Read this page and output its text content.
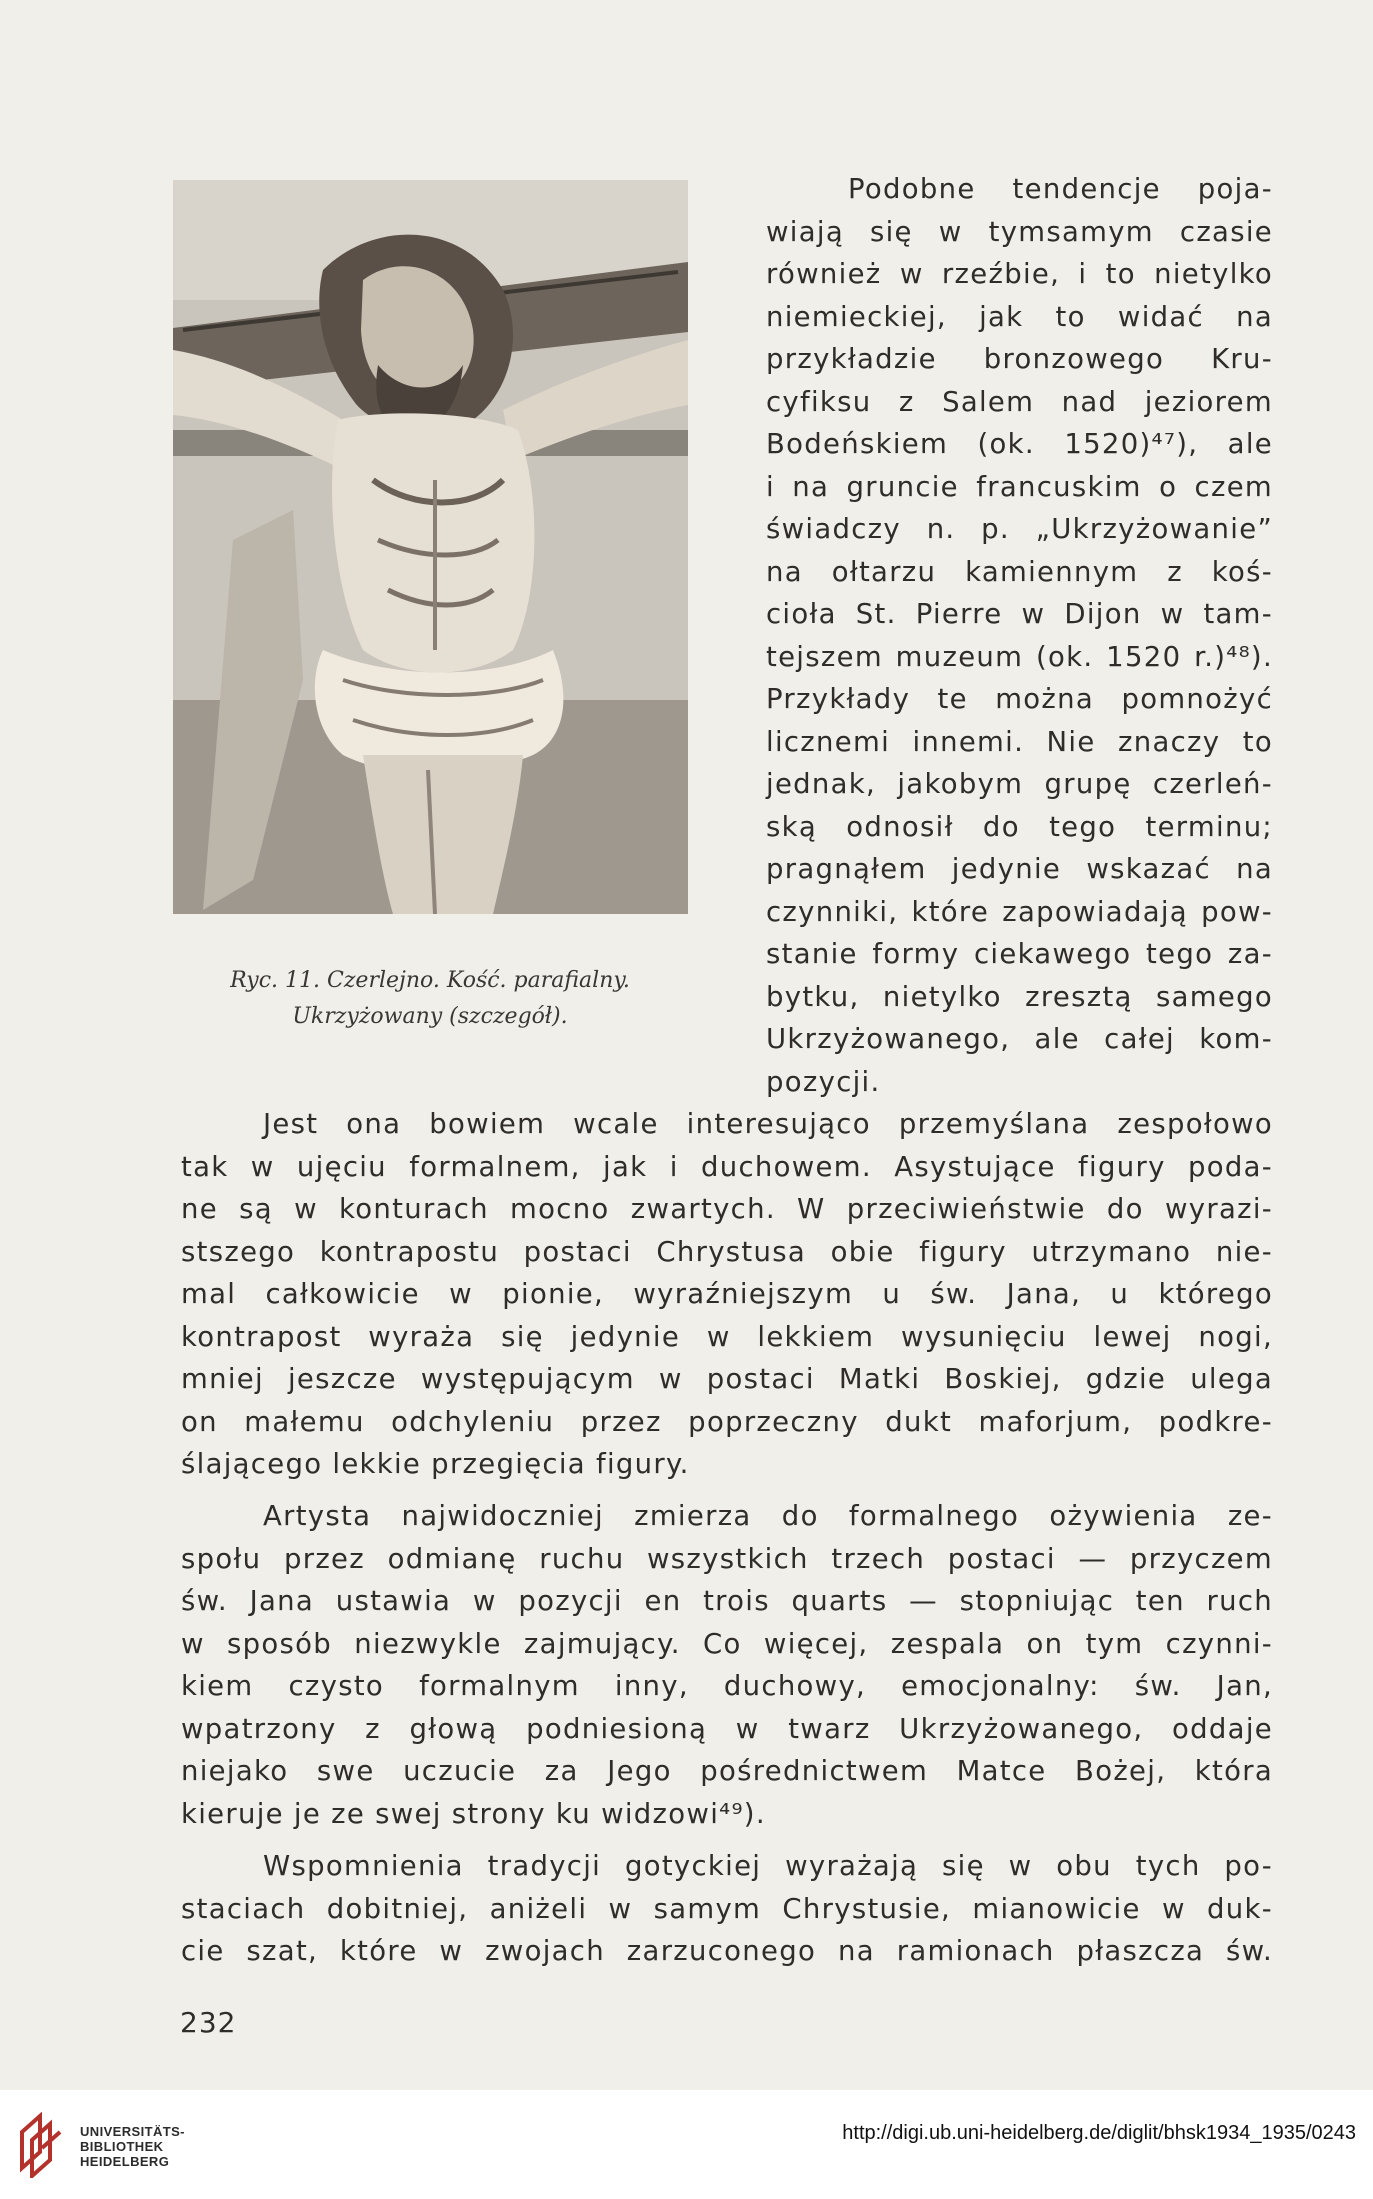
Ryc. 11. Czerlejno. Kość. parafialny.
Ukrzyżowany (szczegół).
Podobne tendencje poja-
wiają się w tymsamym czasie
również w rzeźbie, i to nietylko
niemieckiej, jak to widać na
przykładzie bronzowego Kru-
cyfiksu z Salem nad jeziorem
Bodeńskiem (ok. 1520)⁴⁷), ale
i na gruncie francuskim o czem
świadczy n. p. „Ukrzyżowanie”
na ołtarzu kamiennym z koś-
cioła St. Pierre w Dijon w tam-
tejszem muzeum (ok. 1520 r.)⁴⁸).
Przykłady te można pomnożyć
licznemi innemi. Nie znaczy to
jednak, jakobym grupę czerleń-
ską odnosił do tego terminu;
pragnąłem jedynie wskazać na
czynniki, które zapowiadają pow-
stanie formy ciekawego tego za-
bytku, nietylko zresztą samego
Ukrzyżowanego, ale całej kom-
pozycji.
Jest ona bowiem wcale interesująco przemyślana zespołowo
tak w ujęciu formalnem, jak i duchowem. Asystujące figury poda-
ne są w konturach mocno zwartych. W przeciwieństwie do wyrazi-
stszego kontrapostu postaci Chrystusa obie figury utrzymano nie-
mal całkowicie w pionie, wyraźniejszym u św. Jana, u którego
kontrapost wyraża się jedynie w lekkiem wysunięciu lewej nogi,
mniej jeszcze występującym w postaci Matki Boskiej, gdzie ulega
on małemu odchyleniu przez poprzeczny dukt maforjum, podkre-
ślającego lekkie przegięcia figury.
Artysta najwidoczniej zmierza do formalnego ożywienia ze-
społu przez odmianę ruchu wszystkich trzech postaci — przyczem
św. Jana ustawia w pozycji en trois quarts — stopniując ten ruch
w sposób niezwykle zajmujący. Co więcej, zespala on tym czynni-
kiem czysto formalnym inny, duchowy, emocjonalny: św. Jan,
wpatrzony z głową podniesioną w twarz Ukrzyżowanego, oddaje
niejako swe uczucie za Jego pośrednictwem Matce Bożej, która
kieruje je ze swej strony ku widzowi⁴⁹).
Wspomnienia tradycji gotyckiej wyrażają się w obu tych po-
staciach dobitniej, aniżeli w samym Chrystusie, mianowicie w duk-
cie szat, które w zwojach zarzuconego na ramionach płaszcza św.
232
UNIVERSITÄTS-
BIBLIOTHEK
HEIDELBERG
http://digi.ub.uni-heidelberg.de/diglit/bhsk1934_1935/0243
